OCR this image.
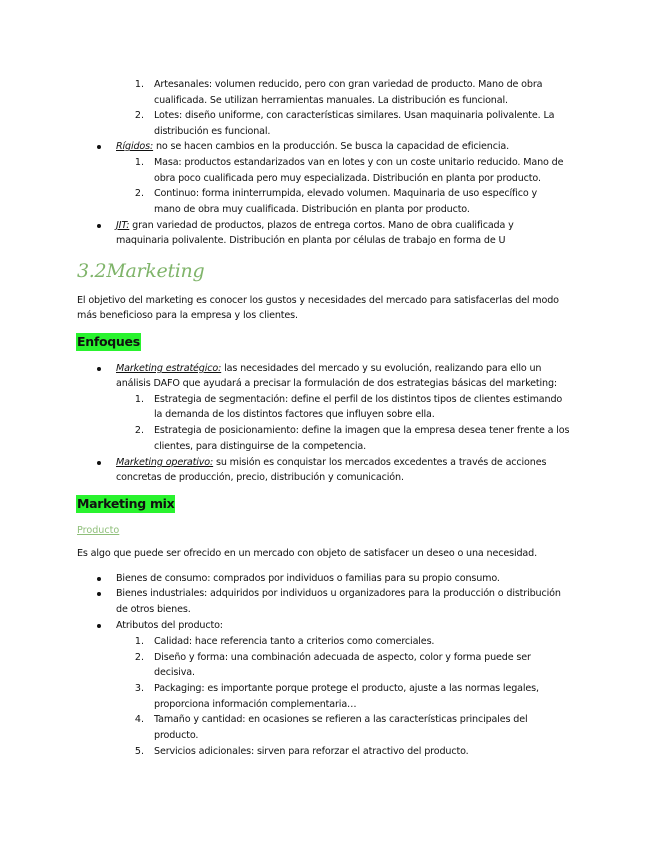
1. Artesanales: volumen reducido, pero con gran variedad de producto. Mano de obra
cualificada. Se utilizan herramientas manuales. La distribución es funcional.
2. Lotes: diseño uniforme, con características similares. Usan maquinaria polivalente. La
distribución es funcional.
Rígidos: no se hacen cambios en la producción. Se busca la capacidad de eficiencia.
1. Masa: productos estandarizados van en lotes y con un coste unitario reducido. Mano de
obra poco cualificada pero muy especializada. Distribución en planta por producto.
2. Continuo: forma ininterrumpida, elevado volumen. Maquinaria de uso específico y
mano de obra muy cualificada. Distribución en planta por producto.
JIT: gran variedad de productos, plazos de entrega cortos. Mano de obra cualificada y
maquinaria polivalente. Distribución en planta por células de trabajo en forma de U
3.2Marketing
El objetivo del marketing es conocer los gustos y necesidades del mercado para satisfacerlas del modo
más beneficioso para la empresa y los clientes.
Enfoques
Marketing estratégico: las necesidades del mercado y su evolución, realizando para ello un
análisis DAFO que ayudará a precisar la formulación de dos estrategias básicas del marketing:
1. Estrategia de segmentación: define el perfil de los distintos tipos de clientes estimando
la demanda de los distintos factores que influyen sobre ella.
2. Estrategia de posicionamiento: define la imagen que la empresa desea tener frente a los
clientes, para distinguirse de la competencia.
Marketing operativo: su misión es conquistar los mercados excedentes a través de acciones
concretas de producción, precio, distribución y comunicación.
Marketing mix
Producto
Es algo que puede ser ofrecido en un mercado con objeto de satisfacer un deseo o una necesidad.
Bienes de consumo: comprados por individuos o familias para su propio consumo.
Bienes industriales: adquiridos por individuos u organizadores para la producción o distribución
de otros bienes.
Atributos del producto:
1. Calidad: hace referencia tanto a criterios como comerciales.
2. Diseño y forma: una combinación adecuada de aspecto, color y forma puede ser
decisiva.
3. Packaging: es importante porque protege el producto, ajuste a las normas legales,
proporciona información complementaria…
4. Tamaño y cantidad: en ocasiones se refieren a las características principales del
producto.
5. Servicios adicionales: sirven para reforzar el atractivo del producto.
